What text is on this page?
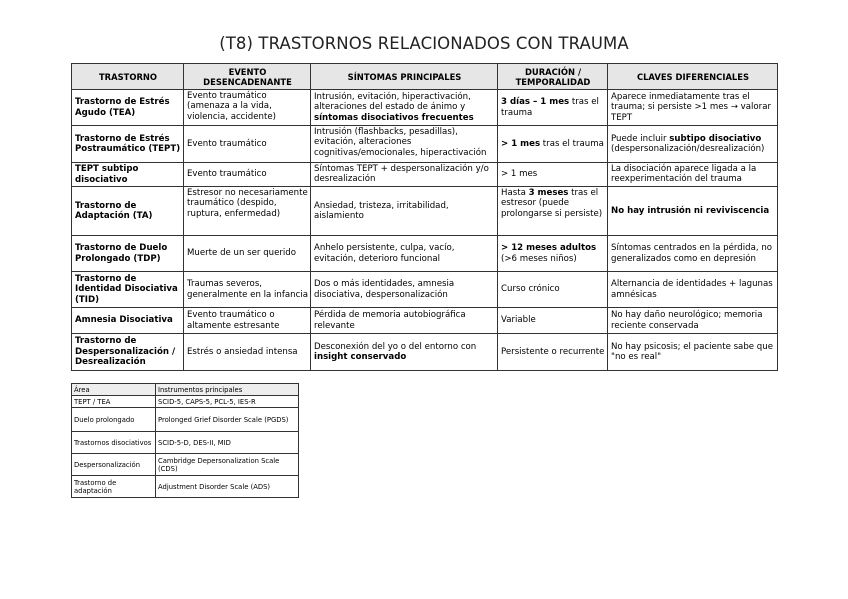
(T8) TRASTORNOS RELACIONADOS CON TRAUMA
TRASTORNO	EVENTO DESENCADENANTE	SÍNTOMAS PRINCIPALES	DURACIÓN / TEMPORALIDAD	CLAVES DIFERENCIALES
Trastorno de Estrés Agudo (TEA)	Evento traumático (amenaza a la vida, violencia, accidente)	Intrusión, evitación, hiperactivación, alteraciones del estado de ánimo y síntomas disociativos frecuentes	3 días – 1 mes tras el trauma	Aparece inmediatamente tras el trauma; si persiste >1 mes → valorar TEPT
Trastorno de Estrés Postraumático (TEPT)	Evento traumático	Intrusión (flashbacks, pesadillas), evitación, alteraciones cognitivas/emocionales, hiperactivación	> 1 mes tras el trauma	Puede incluir subtipo disociativo (despersonalización/desrealización)
TEPT subtipo disociativo	Evento traumático	Síntomas TEPT + despersonalización y/o desrealización	> 1 mes	La disociación aparece ligada a la reexperimentación del trauma
Trastorno de Adaptación (TA)	Estresor no necesariamente traumático (despido, ruptura, enfermedad)	Ansiedad, tristeza, irritabilidad, aislamiento	Hasta 3 meses tras el estresor (puede prolongarse si persiste)	No hay intrusión ni reviviscencia
Trastorno de Duelo Prolongado (TDP)	Muerte de un ser querido	Anhelo persistente, culpa, vacío, evitación, deterioro funcional	> 12 meses adultos (>6 meses niños)	Síntomas centrados en la pérdida, no generalizados como en depresión
Trastorno de Identidad Disociativa (TID)	Traumas severos, generalmente en la infancia	Dos o más identidades, amnesia disociativa, despersonalización	Curso crónico	Alternancia de identidades + lagunas amnésicas
Amnesia Disociativa	Evento traumático o altamente estresante	Pérdida de memoria autobiográfica relevante	Variable	No hay daño neurológico; memoria reciente conservada
Trastorno de Despersonalización / Desrealización	Estrés o ansiedad intensa	Desconexión del yo o del entorno con insight conservado	Persistente o recurrente	No hay psicosis; el paciente sabe que "no es real"
Área	Instrumentos principales
TEPT / TEA	SCID-5, CAPS-5, PCL-5, IES-R
Duelo prolongado	Prolonged Grief Disorder Scale (PGDS)
Trastornos disociativos	SCID-5-D, DES-II, MID
Despersonalización	Cambridge Depersonalization Scale (CDS)
Trastorno de adaptación	Adjustment Disorder Scale (ADS)
